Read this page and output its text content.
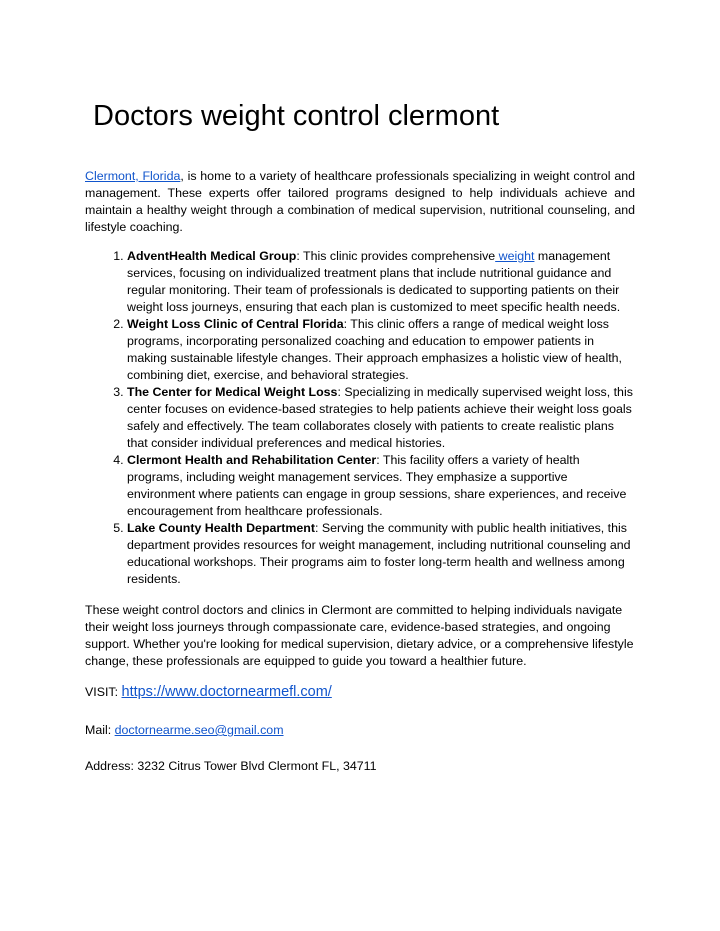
Doctors weight control clermont

Clermont, Florida, is home to a variety of healthcare professionals specializing in weight control and management. These experts offer tailored programs designed to help individuals achieve and maintain a healthy weight through a combination of medical supervision, nutritional counseling, and lifestyle coaching.

1. AdventHealth Medical Group: This clinic provides comprehensive weight management services, focusing on individualized treatment plans that include nutritional guidance and regular monitoring. Their team of professionals is dedicated to supporting patients on their weight loss journeys, ensuring that each plan is customized to meet specific health needs.
2. Weight Loss Clinic of Central Florida: This clinic offers a range of medical weight loss programs, incorporating personalized coaching and education to empower patients in making sustainable lifestyle changes. Their approach emphasizes a holistic view of health, combining diet, exercise, and behavioral strategies.
3. The Center for Medical Weight Loss: Specializing in medically supervised weight loss, this center focuses on evidence-based strategies to help patients achieve their weight loss goals safely and effectively. The team collaborates closely with patients to create realistic plans that consider individual preferences and medical histories.
4. Clermont Health and Rehabilitation Center: This facility offers a variety of health programs, including weight management services. They emphasize a supportive environment where patients can engage in group sessions, share experiences, and receive encouragement from healthcare professionals.
5. Lake County Health Department: Serving the community with public health initiatives, this department provides resources for weight management, including nutritional counseling and educational workshops. Their programs aim to foster long-term health and wellness among residents.

These weight control doctors and clinics in Clermont are committed to helping individuals navigate their weight loss journeys through compassionate care, evidence-based strategies, and ongoing support. Whether you're looking for medical supervision, dietary advice, or a comprehensive lifestyle change, these professionals are equipped to guide you toward a healthier future.

VISIT: https://www.doctornearmefl.com/

Mail: doctornearme.seo@gmail.com

Address: 3232 Citrus Tower Blvd Clermont FL, 34711
